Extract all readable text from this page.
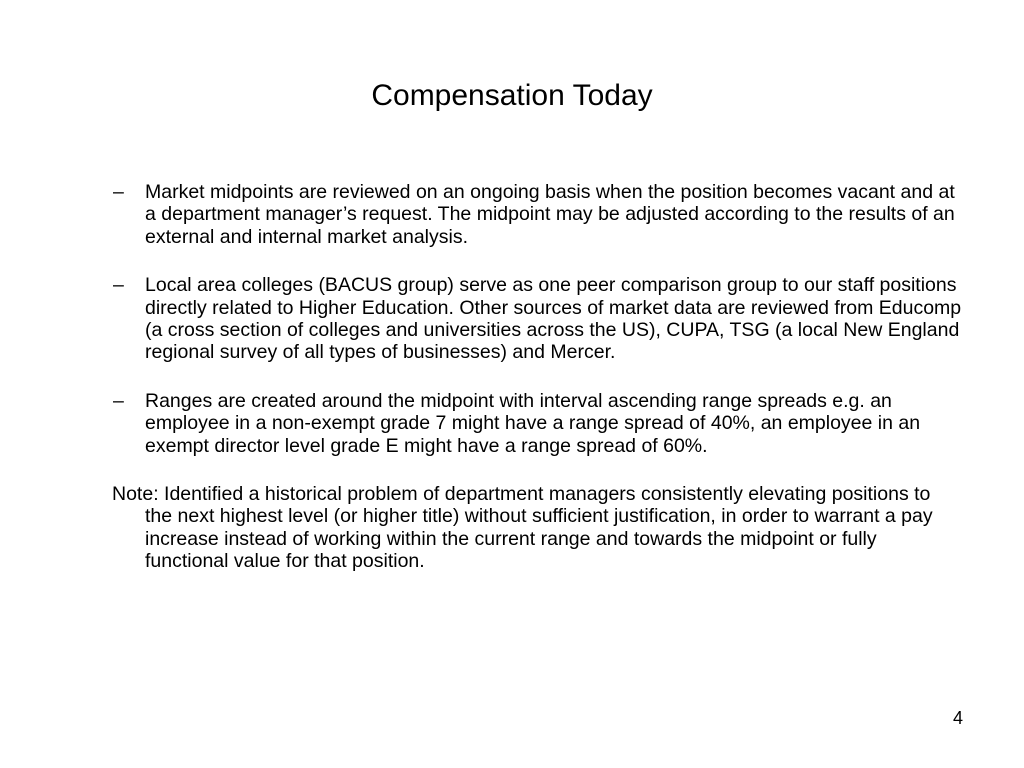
Compensation Today
– Market midpoints are reviewed on an ongoing basis when the position becomes vacant and at a department manager’s request. The midpoint may be adjusted according to the results of an external and internal market analysis.
– Local area colleges (BACUS group) serve as one peer comparison group to our staff positions directly related to Higher Education. Other sources of market data are reviewed from Educomp (a cross section of colleges and universities across the US), CUPA, TSG (a local New England regional survey of all types of businesses) and Mercer.
– Ranges are created around the midpoint with interval ascending range spreads e.g. an employee in a non-exempt grade 7 might have a range spread of 40%, an employee in an exempt director level grade E might have a range spread of 60%.

Note: Identified a historical problem of department managers consistently elevating positions to the next highest level (or higher title) without sufficient justification, in order to warrant a pay increase instead of working within the current range and towards the midpoint or fully functional value for that position.

4
